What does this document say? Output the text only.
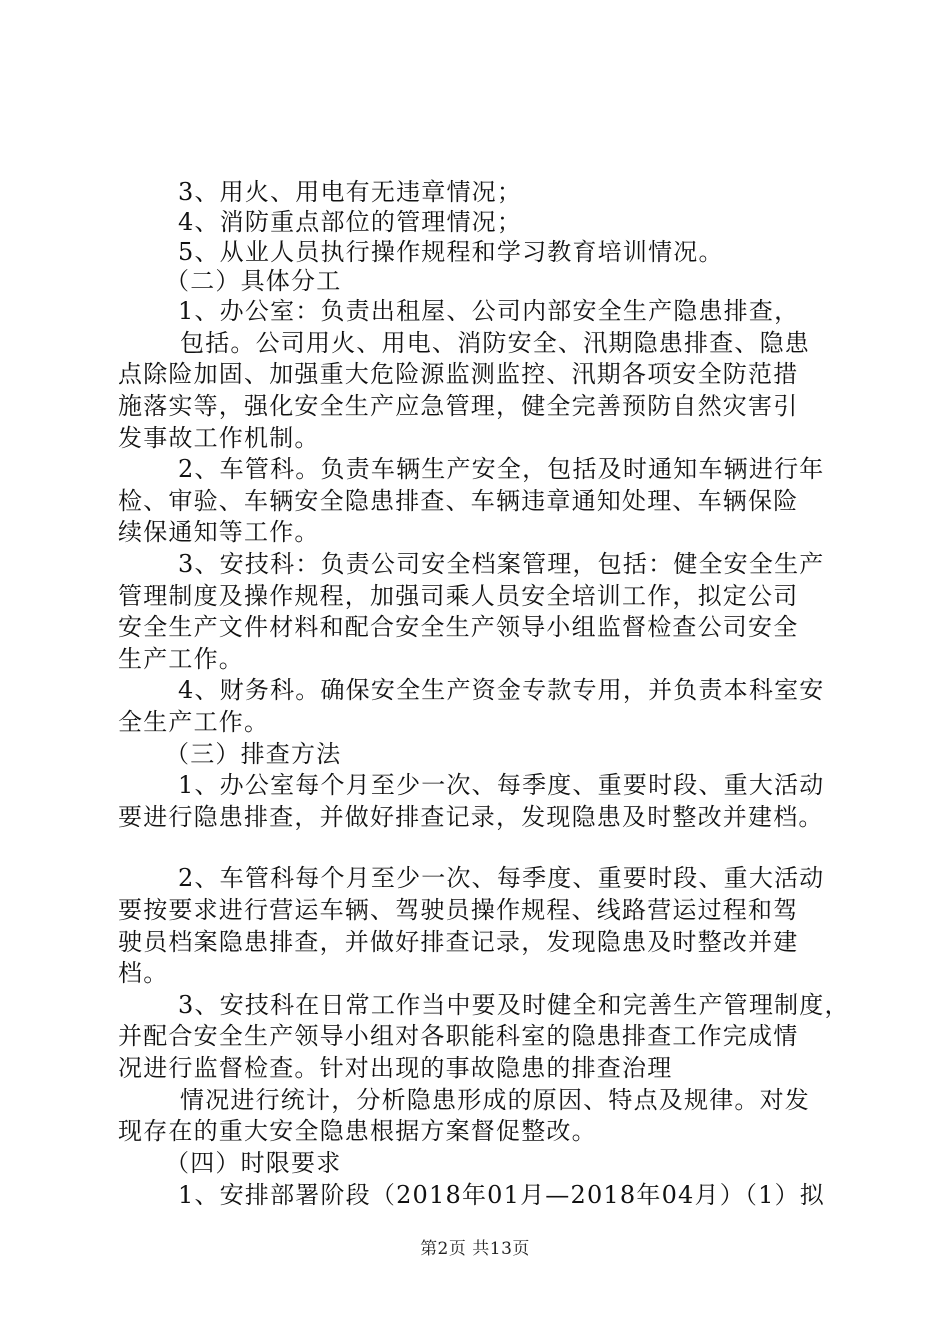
3、用火、用电有无违章情况；
4、消防重点部位的管理情况；
5、从业人员执行操作规程和学习教育培训情况。
（二）具体分工
1、办公室：负责出租屋、公司内部安全生产隐患排查，
包括。公司用火、用电、消防安全、汛期隐患排查、隐患
点除险加固、加强重大危险源监测监控、汛期各项安全防范措
施落实等，强化安全生产应急管理，健全完善预防自然灾害引
发事故工作机制。
2、车管科。负责车辆生产安全，包括及时通知车辆进行年
检、审验、车辆安全隐患排查、车辆违章通知处理、车辆保险
续保通知等工作。
3、安技科：负责公司安全档案管理，包括：健全安全生产
管理制度及操作规程，加强司乘人员安全培训工作，拟定公司
安全生产文件材料和配合安全生产领导小组监督检查公司安全
生产工作。
4、财务科。确保安全生产资金专款专用，并负责本科室安
全生产工作。
（三）排查方法
1、办公室每个月至少一次、每季度、重要时段、重大活动
要进行隐患排查，并做好排查记录，发现隐患及时整改并建档。
2、车管科每个月至少一次、每季度、重要时段、重大活动
要按要求进行营运车辆、驾驶员操作规程、线路营运过程和驾
驶员档案隐患排查，并做好排查记录，发现隐患及时整改并建
档。
3、安技科在日常工作当中要及时健全和完善生产管理制度，
并配合安全生产领导小组对各职能科室的隐患排查工作完成情
况进行监督检查。针对出现的事故隐患的排查治理
情况进行统计，分析隐患形成的原因、特点及规律。对发
现存在的重大安全隐患根据方案督促整改。
（四）时限要求
1、安排部署阶段（2018年01月—2018年04月）（1）拟
第2页 共13页
